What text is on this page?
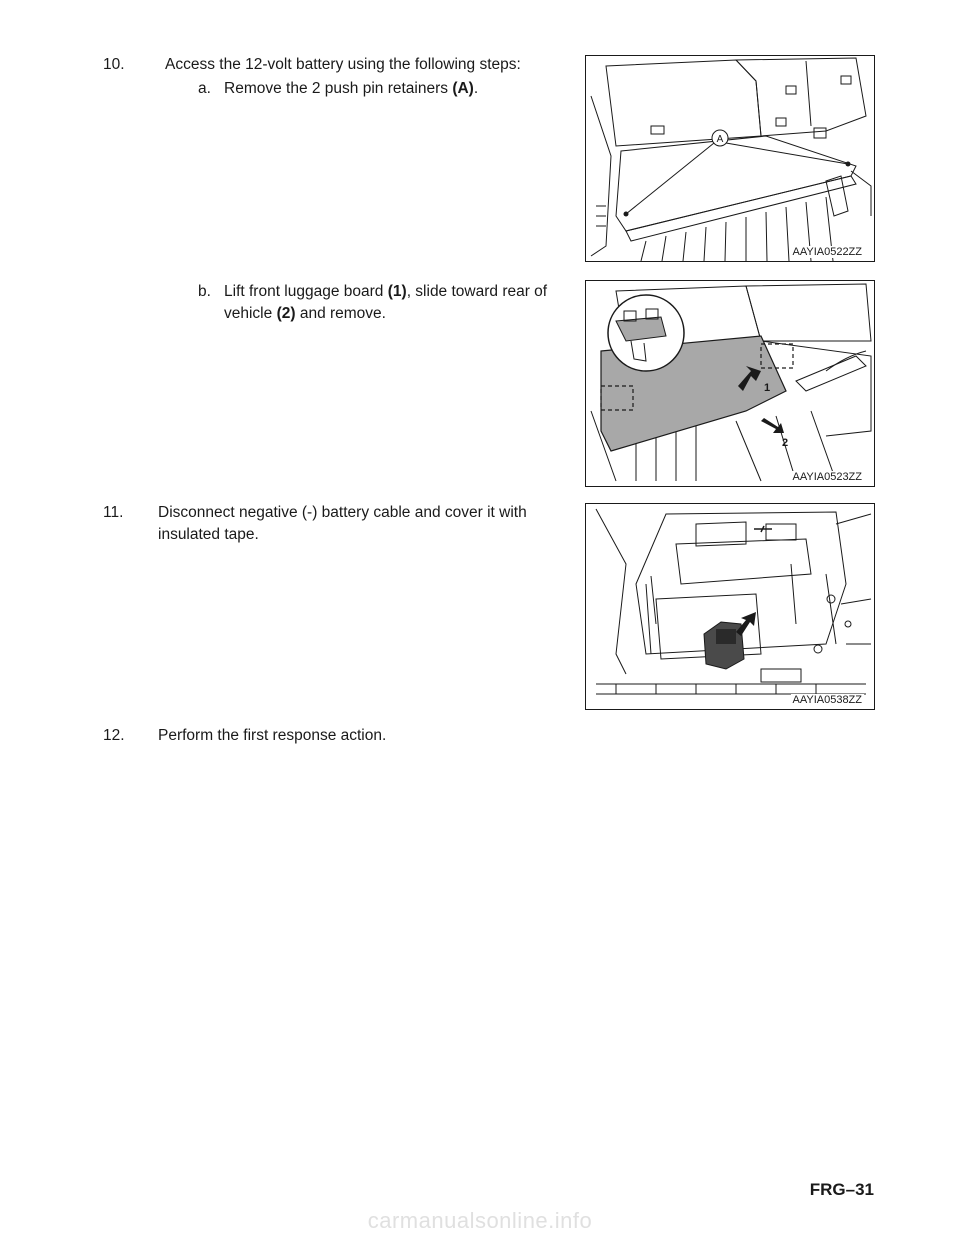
10.	Access the 12-volt battery using the following steps:
a. Remove the 2 push pin retainers (A).
A
AAYIA0522ZZ
b. Lift front luggage board (1), slide toward rear of
vehicle (2) and remove.
1
2
AAYIA0523ZZ
11. Disconnect negative (-) battery cable and cover it with
insulated tape.
AAYIA0538ZZ
12. Perform the first response action.
FRG–31
carmanualsonline.info
